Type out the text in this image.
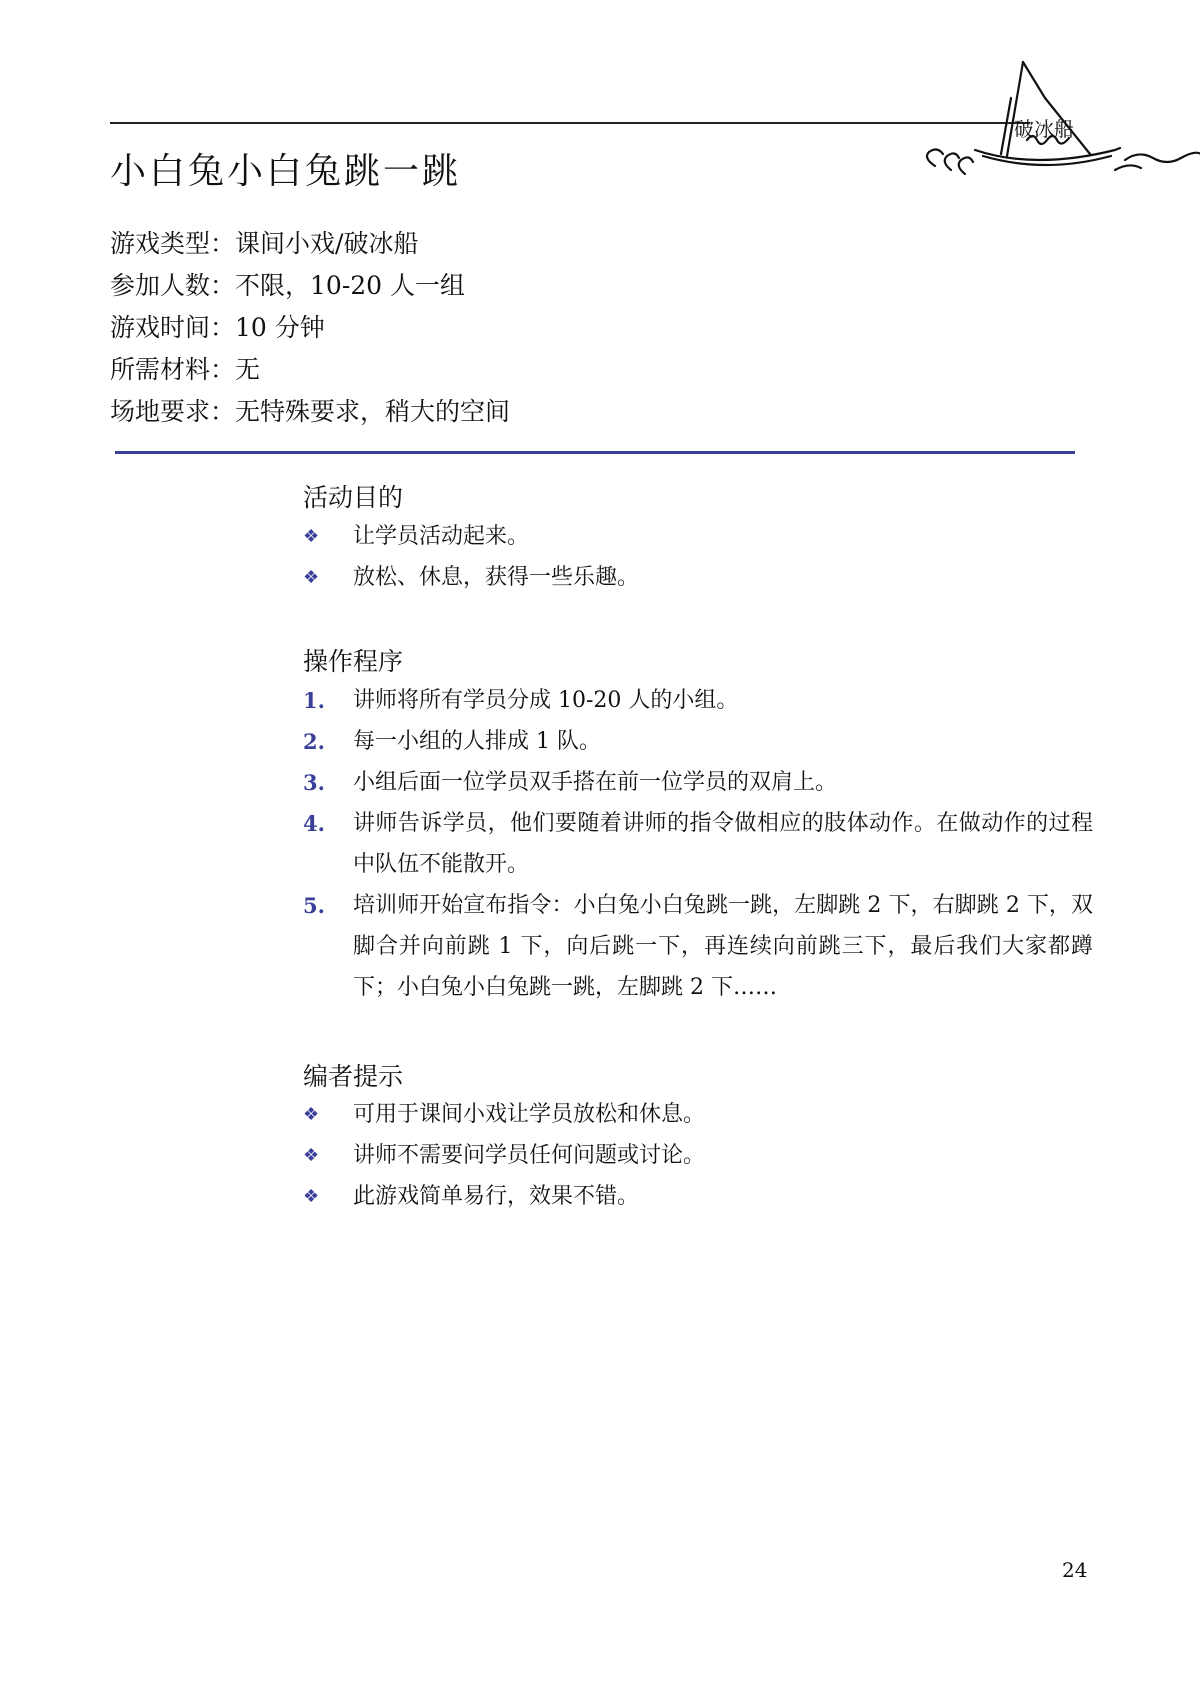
破冰船
小白兔小白兔跳一跳
游戏类型： 课间小戏/破冰船
参加人数： 不限，10-20 人一组
游戏时间： 10 分钟
所需材料： 无
场地要求： 无特殊要求，稍大的空间
活动目的
❖	让学员活动起来。
❖	放松、休息，获得一些乐趣。
操作程序
1.	讲师将所有学员分成 10-20 人的小组。
2.	每一小组的人排成 1 队。
3.	小组后面一位学员双手搭在前一位学员的双肩上。
4.	讲师告诉学员，他们要随着讲师的指令做相应的肢体动作。在做动作的过程中队伍不能散开。
5.	培训师开始宣布指令：小白兔小白兔跳一跳，左脚跳 2 下，右脚跳 2 下，双脚合并向前跳 1 下，向后跳一下，再连续向前跳三下，最后我们大家都蹲下；小白兔小白兔跳一跳，左脚跳 2 下……
编者提示
❖	可用于课间小戏让学员放松和休息。
❖	讲师不需要问学员任何问题或讨论。
❖	此游戏简单易行，效果不错。
24
